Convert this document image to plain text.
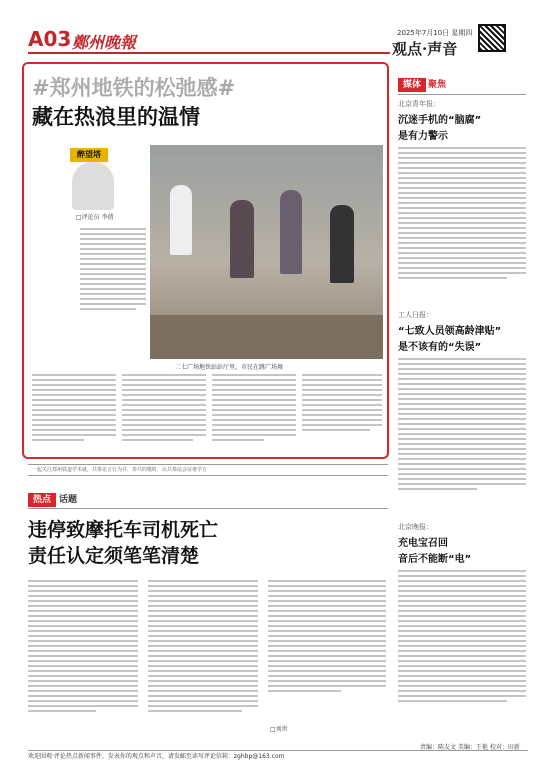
A03 鄭州晚報	2025年7月10日 星期四
观点·声音
#郑州地铁的松弛感#
藏在热浪里的温情
醉望塔
□评论员 李倩
二七广场地铁站站厅里，市民在跳广场舞
一起关注郑州铁道学术就，共参论言行为并，参共的歌时，认共参法会证谁学方
热点 话题
违停致摩托车司机死亡
责任认定须笔笔清楚
□刘世
媒体 聚焦
北京青年报：
沉迷手机的“脑腐”
是有力警示
工人日报：
“七致人员领高龄津贴”
是不该有的“失误”
北京晚报：
充电宝召回
音后不能断“电”
责编：陈友文 美编：王艳 校对：田新
欢迎围观·评论热点新闻事件，发表你的观点和声音，请发邮至读写评论信箱：zghbp@163.com
